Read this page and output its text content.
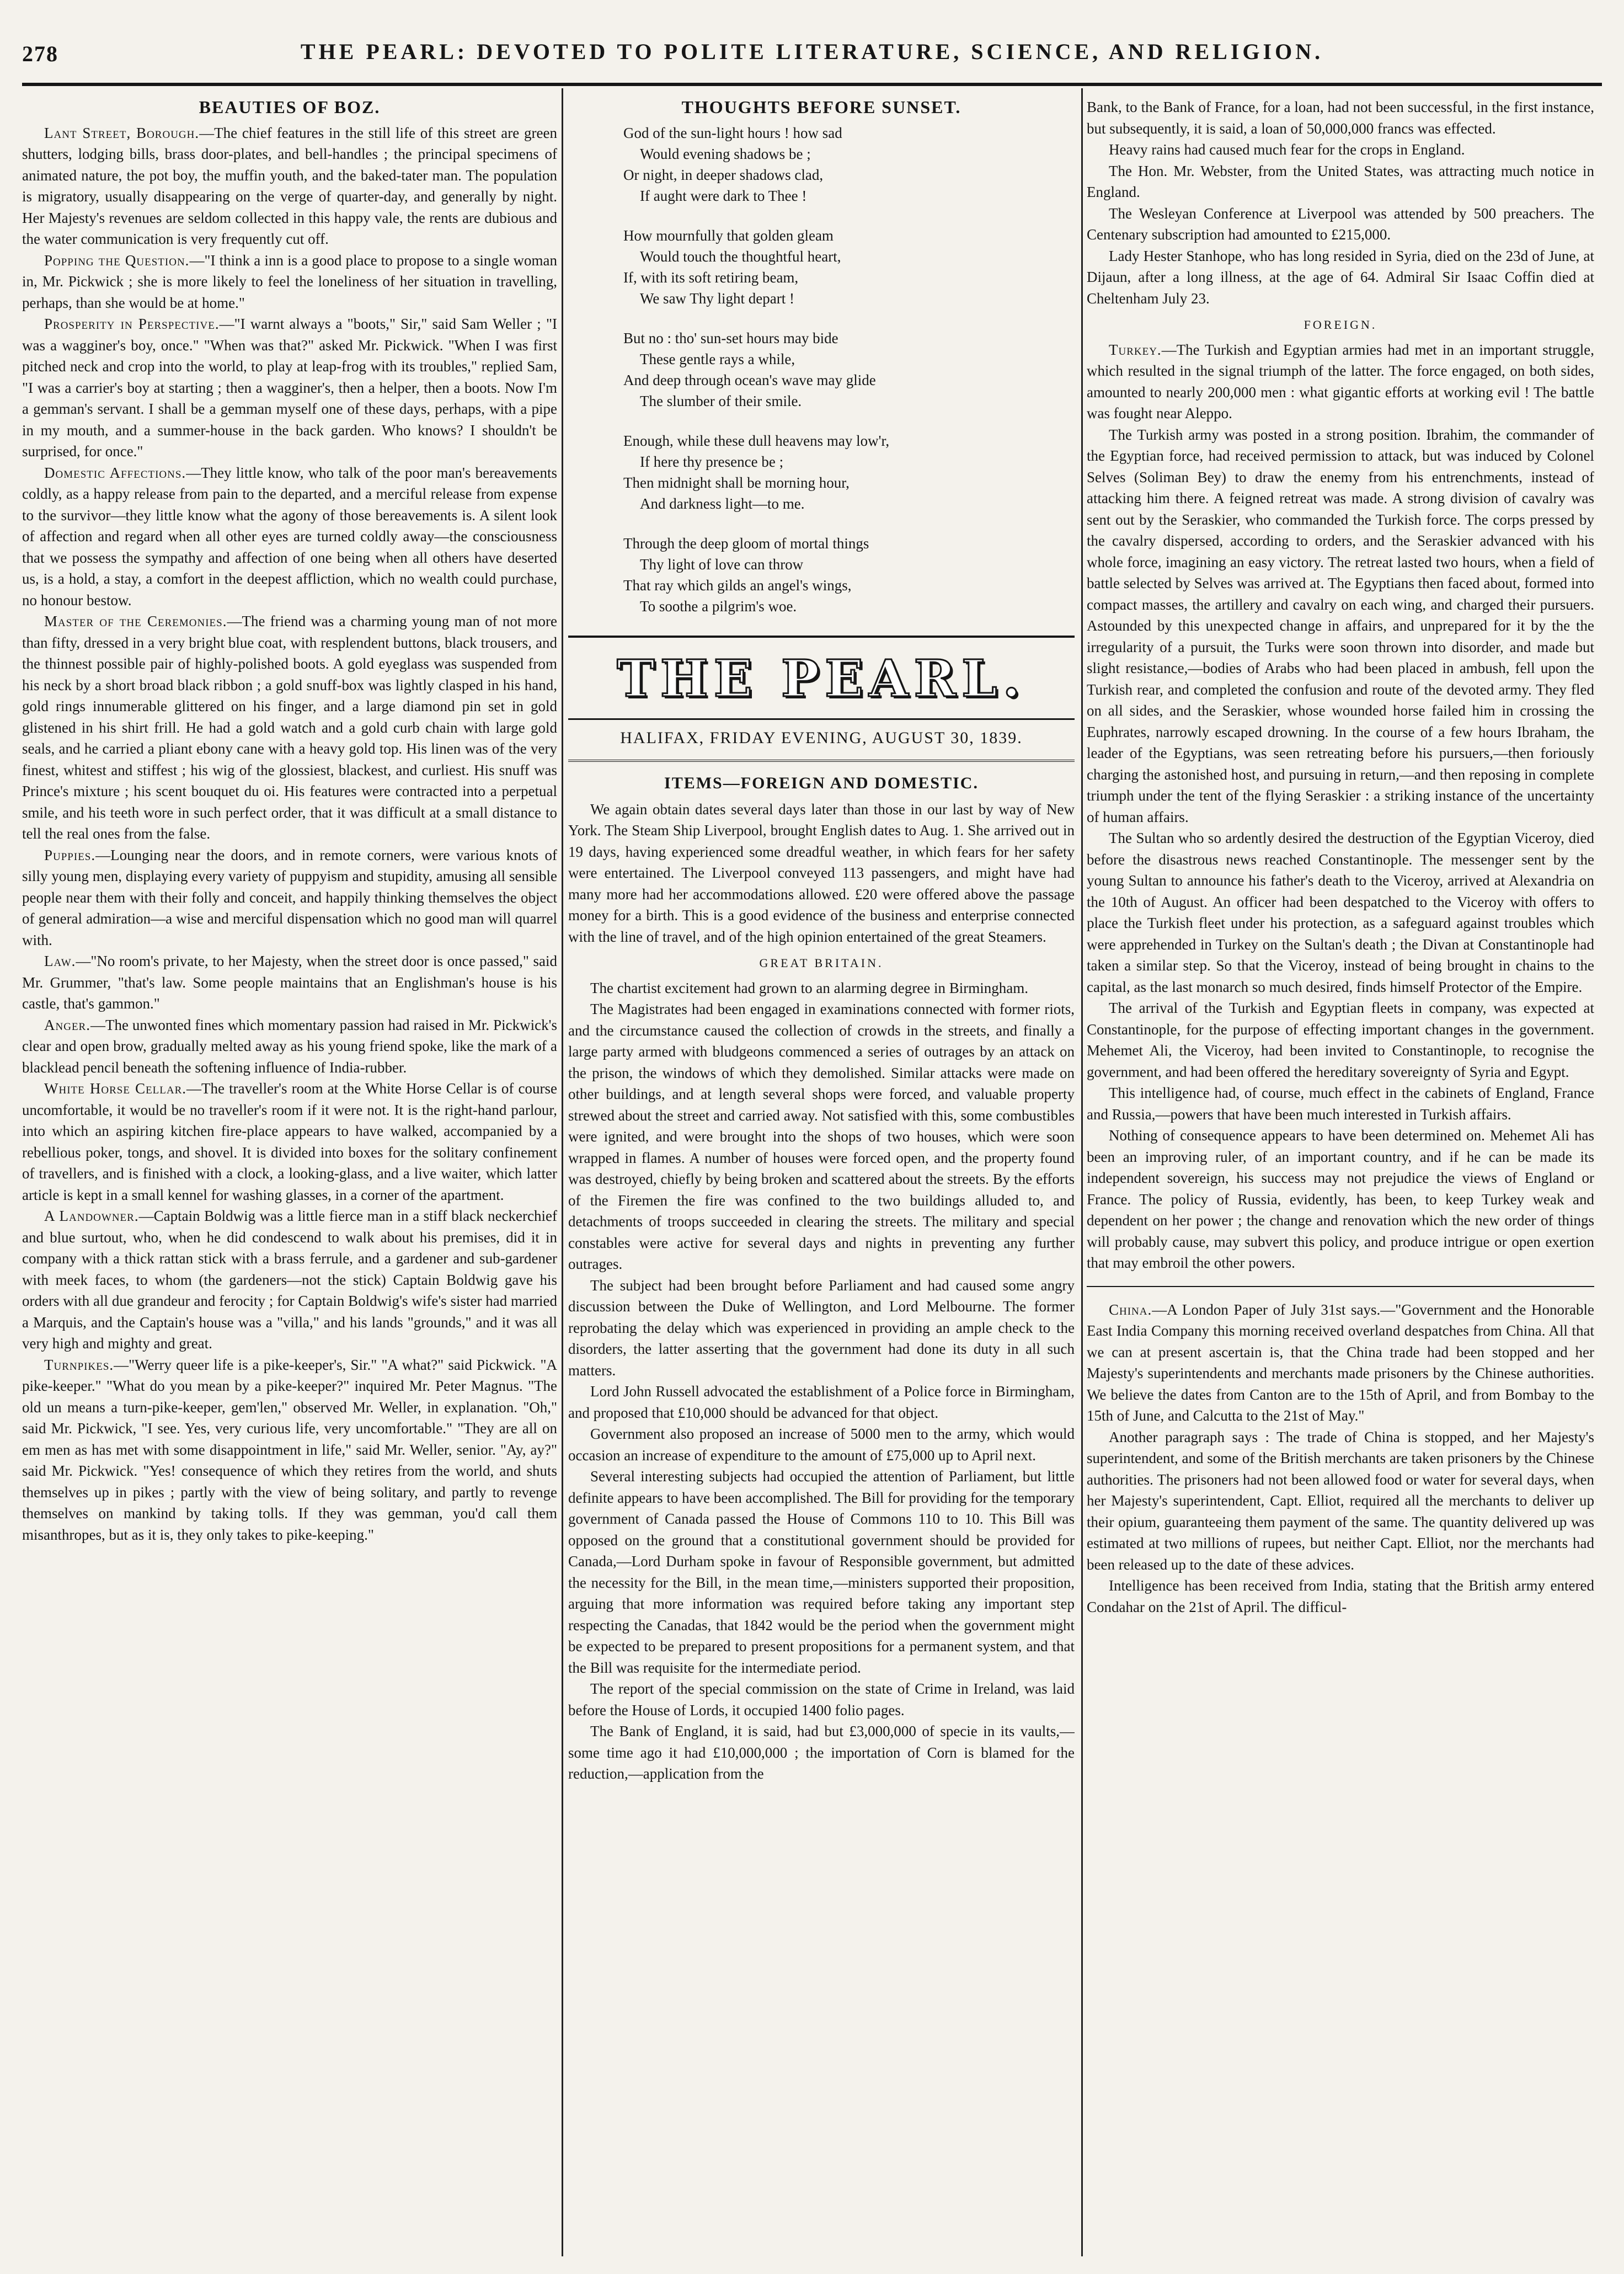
278	THE PEARL: DEVOTED TO POLITE LITERATURE, SCIENCE, AND RELIGION.
BEAUTIES OF BOZ.

Lant Street, Borough.—The chief features in the still life of this street are green shutters, lodging bills, brass door-plates, and bell-handles ; the principal specimens of animated nature, the pot boy, the muffin youth, and the baked-tater man. The population is migratory, usually disappearing on the verge of quarter-day, and generally by night. Her Majesty's revenues are seldom collected in this happy vale, the rents are dubious and the water communication is very frequently cut off.

Popping the Question.—"I think a inn is a good place to propose to a single woman in, Mr. Pickwick ; she is more likely to feel the loneliness of her situation in travelling, perhaps, than she would be at home."

Prosperity in Perspective.—"I warnt always a "boots," Sir," said Sam Weller ; "I was a wagginer's boy, once." "When was that?" asked Mr. Pickwick. "When I was first pitched neck and crop into the world, to play at leap-frog with its troubles," replied Sam, "I was a carrier's boy at starting ; then a wagginer's, then a helper, then a boots. Now I'm a gemman's servant. I shall be a gemman myself one of these days, perhaps, with a pipe in my mouth, and a summer-house in the back garden. Who knows? I shouldn't be surprised, for once."

Domestic Affections.—They little know, who talk of the poor man's bereavements coldly, as a happy release from pain to the departed, and a merciful release from expense to the survivor—they little know what the agony of those bereavements is. A silent look of affection and regard when all other eyes are turned coldly away—the consciousness that we possess the sympathy and affection of one being when all others have deserted us, is a hold, a stay, a comfort in the deepest affliction, which no wealth could purchase, no honour bestow.

Master of the Ceremonies.—The friend was a charming young man of not more than fifty, dressed in a very bright blue coat, with resplendent buttons, black trousers, and the thinnest possible pair of highly-polished boots. A gold eyeglass was suspended from his neck by a short broad black ribbon ; a gold snuff-box was lightly clasped in his hand, gold rings innumerable glittered on his finger, and a large diamond pin set in gold glistened in his shirt frill. He had a gold watch and a gold curb chain with large gold seals, and he carried a pliant ebony cane with a heavy gold top. His linen was of the very finest, whitest and stiffest ; his wig of the glossiest, blackest, and curliest. His snuff was Prince's mixture ; his scent bouquet du oi. His features were contracted into a perpetual smile, and his teeth wore in such perfect order, that it was difficult at a small distance to tell the real ones from the false.

Puppies.—Lounging near the doors, and in remote corners, were various knots of silly young men, displaying every variety of puppyism and stupidity, amusing all sensible people near them with their folly and conceit, and happily thinking themselves the object of general admiration—a wise and merciful dispensation which no good man will quarrel with.

Law.—"No room's private, to her Majesty, when the street door is once passed," said Mr. Grummer, "that's law. Some people maintains that an Englishman's house is his castle, that's gammon."

Anger.—The unwonted fines which momentary passion had raised in Mr. Pickwick's clear and open brow, gradually melted away as his young friend spoke, like the mark of a blacklead pencil beneath the softening influence of India-rubber.

White Horse Cellar.—The traveller's room at the White Horse Cellar is of course uncomfortable, it would be no traveller's room if it were not. It is the right-hand parlour, into which an aspiring kitchen fire-place appears to have walked, accompanied by a rebellious poker, tongs, and shovel. It is divided into boxes for the solitary confinement of travellers, and is finished with a clock, a looking-glass, and a live waiter, which latter article is kept in a small kennel for washing glasses, in a corner of the apartment.

A Landowner.—Captain Boldwig was a little fierce man in a stiff black neckerchief and blue surtout, who, when he did condescend to walk about his premises, did it in company with a thick rattan stick with a brass ferrule, and a gardener and sub-gardener with meek faces, to whom (the gardeners—not the stick) Captain Boldwig gave his orders with all due grandeur and ferocity ; for Captain Boldwig's wife's sister had married a Marquis, and the Captain's house was a "villa," and his lands "grounds," and it was all very high and mighty and great.

Turnpikes.—"Werry queer life is a pike-keeper's, Sir." "A what?" said Pickwick. "A pike-keeper." "What do you mean by a pike-keeper?" inquired Mr. Peter Magnus. "The old un means a turn-pike-keeper, gem'len," observed Mr. Weller, in explanation. "Oh," said Mr. Pickwick, "I see. Yes, very curious life, very uncomfortable." "They are all on em men as has met with some disappointment in life," said Mr. Weller, senior. "Ay, ay?" said Mr. Pickwick. "Yes! consequence of which they retires from the world, and shuts themselves up in pikes ; partly with the view of being solitary, and partly to revenge themselves on mankind by taking tolls. If they was gemman, you'd call them misanthropes, but as it is, they only takes to pike-keeping."

THOUGHTS BEFORE SUNSET.
God of the sun-light hours ! how sad
Would evening shadows be ;
Or night, in deeper shadows clad,
If aught were dark to Thee !
How mournfully that golden gleam
Would touch the thoughtful heart,
If, with its soft retiring beam,
We saw Thy light depart !
But no : tho' sun-set hours may bide
These gentle rays a while,
And deep through ocean's wave may glide
The slumber of their smile.
Enough, while these dull heavens may low'r,
If here thy presence be ;
Then midnight shall be morning hour,
And darkness light—to me.
Through the deep gloom of mortal things
Thy light of love can throw
That ray which gilds an angel's wings,
To soothe a pilgrim's woe.
THE PEARL.
HALIFAX, FRIDAY EVENING, AUGUST 30, 1839.
ITEMS—FOREIGN AND DOMESTIC.

We again obtain dates several days later than those in our last by way of New York. The Steam Ship Liverpool, brought English dates to Aug. 1. She arrived out in 19 days, having experienced some dreadful weather, in which fears for her safety were entertained. The Liverpool conveyed 113 passengers, and might have had many more had her accommodations allowed. £20 were offered above the passage money for a birth. This is a good evidence of the business and enterprise connected with the line of travel, and of the high opinion entertained of the great Steamers.

GREAT BRITAIN.

The chartist excitement had grown to an alarming degree in Birmingham.

The Magistrates had been engaged in examinations connected with former riots, and the circumstance caused the collection of crowds in the streets, and finally a large party armed with bludgeons commenced a series of outrages by an attack on the prison, the windows of which they demolished. Similar attacks were made on other buildings, and at length several shops were forced, and valuable property strewed about the street and carried away. Not satisfied with this, some combustibles were ignited, and were brought into the shops of two houses, which were soon wrapped in flames. A number of houses were forced open, and the property found was destroyed, chiefly by being broken and scattered about the streets. By the efforts of the Firemen the fire was confined to the two buildings alluded to, and detachments of troops succeeded in clearing the streets. The military and special constables were active for several days and nights in preventing any further outrages.

The subject had been brought before Parliament and had caused some angry discussion between the Duke of Wellington, and Lord Melbourne. The former reprobating the delay which was experienced in providing an ample check to the disorders, the latter asserting that the government had done its duty in all such matters.

Lord John Russell advocated the establishment of a Police force in Birmingham, and proposed that £10,000 should be advanced for that object.

Government also proposed an increase of 5000 men to the army, which would occasion an increase of expenditure to the amount of £75,000 up to April next.

Several interesting subjects had occupied the attention of Parliament, but little definite appears to have been accomplished. The Bill for providing for the temporary government of Canada passed the House of Commons 110 to 10. This Bill was opposed on the ground that a constitutional government should be provided for Canada,—Lord Durham spoke in favour of Responsible government, but admitted the necessity for the Bill, in the mean time,—ministers supported their proposition, arguing that more information was required before taking any important step respecting the Canadas, that 1842 would be the period when the government might be expected to be prepared to present propositions for a permanent system, and that the Bill was requisite for the intermediate period.

The report of the special commission on the state of Crime in Ireland, was laid before the House of Lords, it occupied 1400 folio pages.

The Bank of England, it is said, had but £3,000,000 of specie in its vaults,—some time ago it had £10,000,000 ; the importation of Corn is blamed for the reduction,—application from the

Bank, to the Bank of France, for a loan, had not been successful, in the first instance, but subsequently, it is said, a loan of 50,000,000 francs was effected.

Heavy rains had caused much fear for the crops in England.

The Hon. Mr. Webster, from the United States, was attracting much notice in England.

The Wesleyan Conference at Liverpool was attended by 500 preachers. The Centenary subscription had amounted to £215,000.

Lady Hester Stanhope, who has long resided in Syria, died on the 23d of June, at Dijaun, after a long illness, at the age of 64. Admiral Sir Isaac Coffin died at Cheltenham July 23.

FOREIGN.

Turkey.—The Turkish and Egyptian armies had met in an important struggle, which resulted in the signal triumph of the latter. The force engaged, on both sides, amounted to nearly 200,000 men : what gigantic efforts at working evil ! The battle was fought near Aleppo.

The Turkish army was posted in a strong position. Ibrahim, the commander of the Egyptian force, had received permission to attack, but was induced by Colonel Selves (Soliman Bey) to draw the enemy from his entrenchments, instead of attacking him there. A feigned retreat was made. A strong division of cavalry was sent out by the Seraskier, who commanded the Turkish force. The corps pressed by the cavalry dispersed, according to orders, and the Seraskier advanced with his whole force, imagining an easy victory. The retreat lasted two hours, when a field of battle selected by Selves was arrived at. The Egyptians then faced about, formed into compact masses, the artillery and cavalry on each wing, and charged their pursuers. Astounded by this unexpected change in affairs, and unprepared for it by the the irregularity of a pursuit, the Turks were soon thrown into disorder, and made but slight resistance,—bodies of Arabs who had been placed in ambush, fell upon the Turkish rear, and completed the confusion and route of the devoted army. They fled on all sides, and the Seraskier, whose wounded horse failed him in crossing the Euphrates, narrowly escaped drowning. In the course of a few hours Ibraham, the leader of the Egyptians, was seen retreating before his pursuers,—then foriously charging the astonished host, and pursuing in return,—and then reposing in complete triumph under the tent of the flying Seraskier : a striking instance of the uncertainty of human affairs.

The Sultan who so ardently desired the destruction of the Egyptian Viceroy, died before the disastrous news reached Constantinople. The messenger sent by the young Sultan to announce his father's death to the Viceroy, arrived at Alexandria on the 10th of August. An officer had been despatched to the Viceroy with offers to place the Turkish fleet under his protection, as a safeguard against troubles which were apprehended in Turkey on the Sultan's death ; the Divan at Constantinople had taken a similar step. So that the Viceroy, instead of being brought in chains to the capital, as the last monarch so much desired, finds himself Protector of the Empire.

The arrival of the Turkish and Egyptian fleets in company, was expected at Constantinople, for the purpose of effecting important changes in the government. Mehemet Ali, the Viceroy, had been invited to Constantinople, to recognise the government, and had been offered the hereditary sovereignty of Syria and Egypt.

This intelligence had, of course, much effect in the cabinets of England, France and Russia,—powers that have been much interested in Turkish affairs.

Nothing of consequence appears to have been determined on. Mehemet Ali has been an improving ruler, of an important country, and if he can be made its independent sovereign, his success may not prejudice the views of England or France. The policy of Russia, evidently, has been, to keep Turkey weak and dependent on her power ; the change and renovation which the new order of things will probably cause, may subvert this policy, and produce intrigue or open exertion that may embroil the other powers.

China.—A London Paper of July 31st says.—"Government and the Honorable East India Company this morning received overland despatches from China. All that we can at present ascertain is, that the China trade had been stopped and her Majesty's superintendents and merchants made prisoners by the Chinese authorities. We believe the dates from Canton are to the 15th of April, and from Bombay to the 15th of June, and Calcutta to the 21st of May."

Another paragraph says : The trade of China is stopped, and her Majesty's superintendent, and some of the British merchants are taken prisoners by the Chinese authorities. The prisoners had not been allowed food or water for several days, when her Majesty's superintendent, Capt. Elliot, required all the merchants to deliver up their opium, guaranteeing them payment of the same. The quantity delivered up was estimated at two millions of rupees, but neither Capt. Elliot, nor the merchants had been released up to the date of these advices.

Intelligence has been received from India, stating that the British army entered Condahar on the 21st of April. The difficul-
